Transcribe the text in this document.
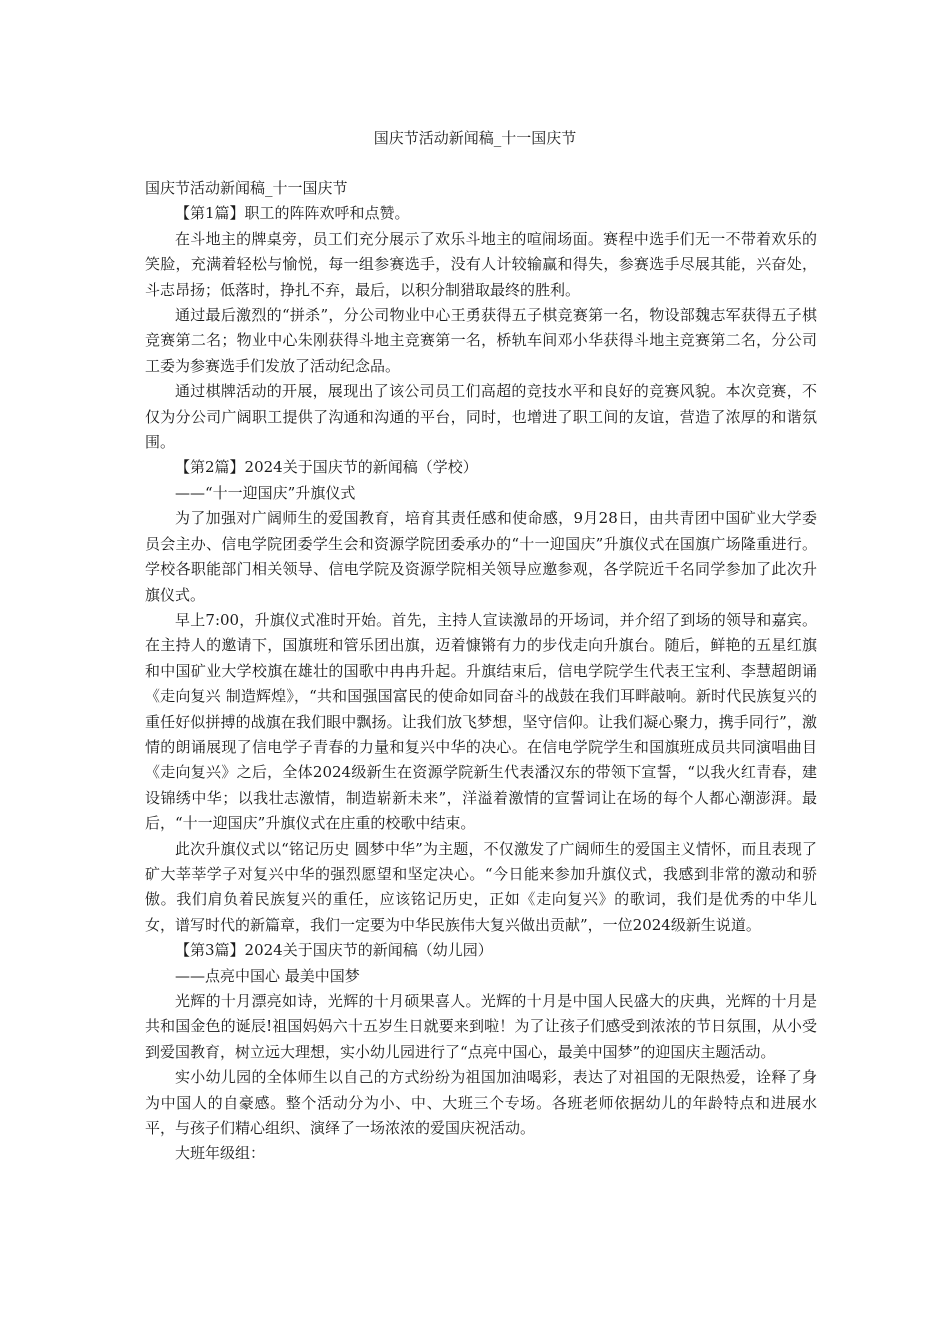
国庆节活动新闻稿_十一国庆节

国庆节活动新闻稿_十一国庆节

【第1篇】职工的阵阵欢呼和点赞。

在斗地主的牌桌旁，员工们充分展示了欢乐斗地主的喧闹场面。赛程中选手们无一不带着欢乐的笑脸，充满着轻松与愉悦，每一组参赛选手，没有人计较输赢和得失，参赛选手尽展其能，兴奋处，斗志昂扬；低落时，挣扎不弃，最后，以积分制猎取最终的胜利。

通过最后激烈的“拼杀”，分公司物业中心王勇获得五子棋竞赛第一名，物设部魏志军获得五子棋竞赛第二名；物业中心朱刚获得斗地主竞赛第一名，桥轨车间邓小华获得斗地主竞赛第二名，分公司工委为参赛选手们发放了活动纪念品。

通过棋牌活动的开展，展现出了该公司员工们高超的竞技水平和良好的竞赛风貌。本次竞赛，不仅为分公司广阔职工提供了沟通和沟通的平台，同时，也增进了职工间的友谊，营造了浓厚的和谐氛围。

【第2篇】2024关于国庆节的新闻稿（学校）

——“十一迎国庆”升旗仪式

为了加强对广阔师生的爱国教育，培育其责任感和使命感，9月28日，由共青团中国矿业大学委员会主办、信电学院团委学生会和资源学院团委承办的“十一迎国庆”升旗仪式在国旗广场隆重进行。学校各职能部门相关领导、信电学院及资源学院相关领导应邀参观，各学院近千名同学参加了此次升旗仪式。

早上7:00，升旗仪式准时开始。首先，主持人宣读激昂的开场词，并介绍了到场的领导和嘉宾。在主持人的邀请下，国旗班和管乐团出旗，迈着慷锵有力的步伐走向升旗台。随后，鲜艳的五星红旗和中国矿业大学校旗在雄壮的国歌中冉冉升起。升旗结束后，信电学院学生代表王宝利、李慧超朗诵《走向复兴 制造辉煌》，“共和国强国富民的使命如同奋斗的战鼓在我们耳畔敲响。新时代民族复兴的重任好似拼搏的战旗在我们眼中飘扬。让我们放飞梦想，坚守信仰。让我们凝心聚力，携手同行”，激情的朗诵展现了信电学子青春的力量和复兴中华的决心。在信电学院学生和国旗班成员共同演唱曲目《走向复兴》之后，全体2024级新生在资源学院新生代表潘汉东的带领下宣誓，“以我火红青春，建设锦绣中华；以我壮志激情，制造崭新未来”，洋溢着激情的宣誓词让在场的每个人都心潮澎湃。最后，“十一迎国庆”升旗仪式在庄重的校歌中结束。

此次升旗仪式以“铭记历史 圆梦中华”为主题，不仅激发了广阔师生的爱国主义情怀，而且表现了矿大莘莘学子对复兴中华的强烈愿望和坚定决心。“今日能来参加升旗仪式，我感到非常的激动和骄傲。我们肩负着民族复兴的重任，应该铭记历史，正如《走向复兴》的歌词，我们是优秀的中华儿女，谱写时代的新篇章，我们一定要为中华民族伟大复兴做出贡献”，一位2024级新生说道。

【第3篇】2024关于国庆节的新闻稿（幼儿园）

——点亮中国心 最美中国梦

光辉的十月漂亮如诗，光辉的十月硕果喜人。光辉的十月是中国人民盛大的庆典，光辉的十月是共和国金色的诞辰!祖国妈妈六十五岁生日就要来到啦！为了让孩子们感受到浓浓的节日氛围，从小受到爱国教育，树立远大理想，实小幼儿园进行了“点亮中国心，最美中国梦”的迎国庆主题活动。

实小幼儿园的全体师生以自己的方式纷纷为祖国加油喝彩，表达了对祖国的无限热爱，诠释了身为中国人的自豪感。整个活动分为小、中、大班三个专场。各班老师依据幼儿的年龄特点和进展水平，与孩子们精心组织、演绎了一场浓浓的爱国庆祝活动。

大班年级组：
